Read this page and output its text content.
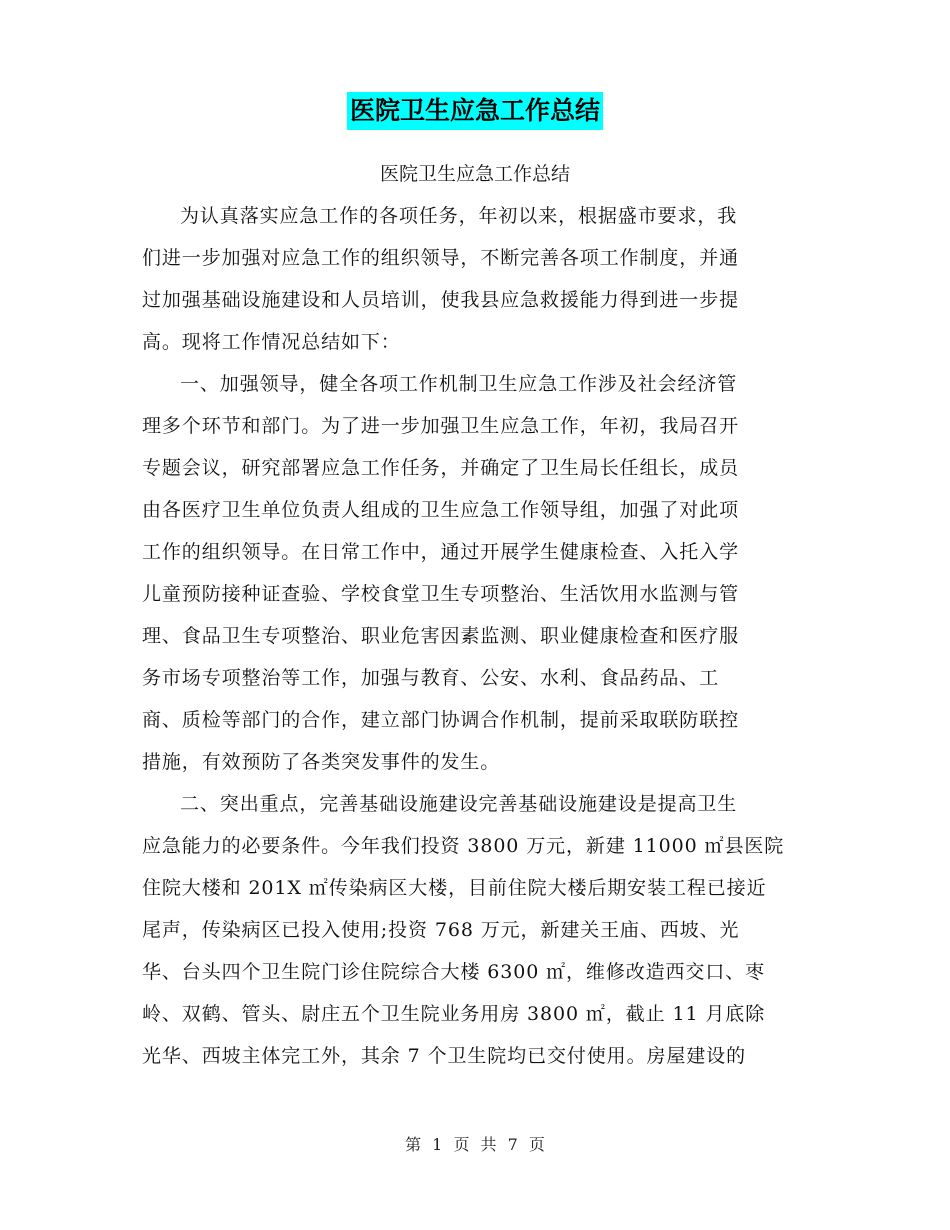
医院卫生应急工作总结
医院卫生应急工作总结
为认真落实应急工作的各项任务，年初以来，根据盛市要求，我
们进一步加强对应急工作的组织领导，不断完善各项工作制度，并通
过加强基础设施建设和人员培训，使我县应急救援能力得到进一步提
高。现将工作情况总结如下：
一、加强领导，健全各项工作机制卫生应急工作涉及社会经济管
理多个环节和部门。为了进一步加强卫生应急工作，年初，我局召开
专题会议，研究部署应急工作任务，并确定了卫生局长任组长，成员
由各医疗卫生单位负责人组成的卫生应急工作领导组，加强了对此项
工作的组织领导。在日常工作中，通过开展学生健康检查、入托入学
儿童预防接种证查验、学校食堂卫生专项整治、生活饮用水监测与管
理、食品卫生专项整治、职业危害因素监测、职业健康检查和医疗服
务市场专项整治等工作，加强与教育、公安、水利、食品药品、工
商、质检等部门的合作，建立部门协调合作机制，提前采取联防联控
措施，有效预防了各类突发事件的发生。
二、突出重点，完善基础设施建设完善基础设施建设是提高卫生
应急能力的必要条件。今年我们投资 3800 万元，新建 11000 ㎡县医院
住院大楼和 201X ㎡传染病区大楼，目前住院大楼后期安装工程已接近
尾声，传染病区已投入使用;投资 768 万元，新建关王庙、西坡、光
华、台头四个卫生院门诊住院综合大楼 6300 ㎡，维修改造西交口、枣
岭、双鹤、管头、尉庄五个卫生院业务用房 3800 ㎡，截止 11 月底除
光华、西坡主体完工外，其余 7 个卫生院均已交付使用。房屋建设的
第 1 页 共 7 页
